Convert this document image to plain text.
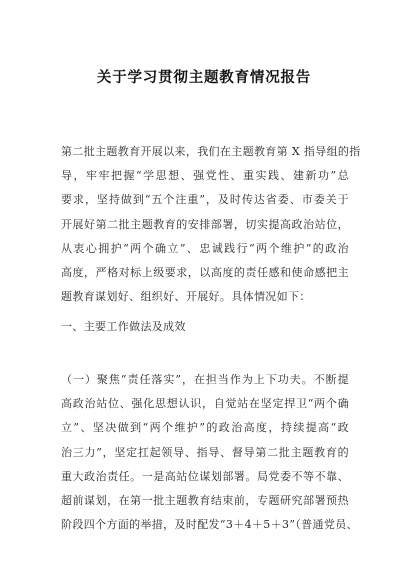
关于学习贯彻主题教育情况报告
第二批主题教育开展以来，我们在主题教育第 X 指导组的指
导，牢牢把握“学思想、强党性、重实践、建新功”总
要求，坚持做到“五个注重”，及时传达省委、市委关于
开展好第二批主题教育的安排部署，切实提高政治站位，
从衷心拥护“两个确立”、忠诚践行“两个维护”的政治
高度，严格对标上级要求，以高度的责任感和使命感把主
题教育谋划好、组织好、开展好。具体情况如下：
一、主要工作做法及成效
（一）聚焦“责任落实”，在担当作为上下功夫。不断提
高政治站位、强化思想认识，自觉站在坚定捍卫“两个确
立”、坚决做到“两个维护”的政治高度，持续提高“政
治三力”，坚定扛起领导、指导、督导第二批主题教育的
重大政治责任。一是高站位谋划部署。局党委不等不靠、
超前谋划，在第一批主题教育结束前，专题研究部署预热
阶段四个方面的举措，及时配发“3＋4＋5＋3”（普通党员、
